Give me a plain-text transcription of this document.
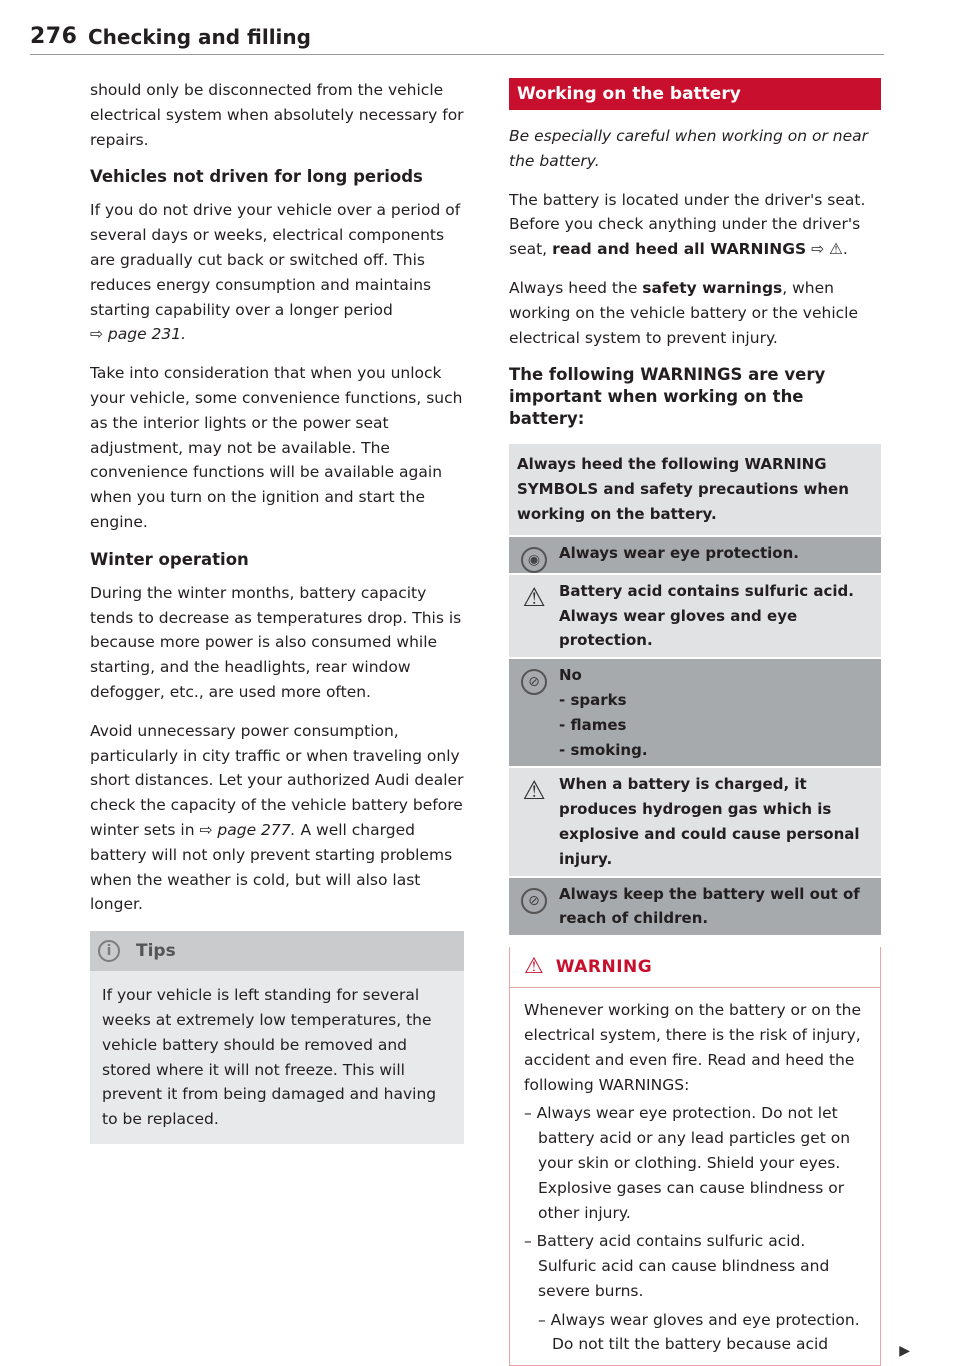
276 Checking and filling

should only be disconnected from the vehicle electrical system when absolutely necessary for repairs.

Vehicles not driven for long periods

If you do not drive your vehicle over a period of several days or weeks, electrical components are gradually cut back or switched off. This reduces energy consumption and maintains starting capability over a longer period
⇨ page 231.

Take into consideration that when you unlock your vehicle, some convenience functions, such as the interior lights or the power seat adjustment, may not be available. The convenience functions will be available again when you turn on the ignition and start the engine.

Winter operation

During the winter months, battery capacity tends to decrease as temperatures drop. This is because more power is also consumed while starting, and the headlights, rear window defogger, etc., are used more often.

Avoid unnecessary power consumption, particularly in city traffic or when traveling only short distances. Let your authorized Audi dealer check the capacity of the vehicle battery before winter sets in ⇨ page 277. A well charged battery will not only prevent starting problems when the weather is cold, but will also last longer.

i	Tips

If your vehicle is left standing for several weeks at extremely low temperatures, the vehicle battery should be removed and stored where it will not freeze. This will prevent it from being damaged and having to be replaced.

Working on the battery

Be especially careful when working on or near the battery.

The battery is located under the driver's seat. Before you check anything under the driver's seat, read and heed all WARNINGS ⇨ ⚠.

Always heed the safety warnings, when working on the vehicle battery or the vehicle electrical system to prevent injury.

The following WARNINGS are very important when working on the battery:
Always heed the following WARNING SYMBOLS and safety precautions when working on the battery.
◉	Always wear eye protection.
⚠ Battery acid contains sulfuric acid. Always wear gloves and eye protection.
⊘	No
- sparks
- flames
- smoking.
⚠ When a battery is charged, it produces hydrogen gas which is explosive and could cause personal injury.
⊘	Always keep the battery well out of reach of children.
⚠ WARNING

Whenever working on the battery or on the electrical system, there is the risk of injury, accident and even fire. Read and heed the following WARNINGS:

– Always wear eye protection. Do not let battery acid or any lead particles get on your skin or clothing. Shield your eyes. Explosive gases can cause blindness or other injury.
– Battery acid contains sulfuric acid. Sulfuric acid can cause blindness and severe burns.
– Always wear gloves and eye protection. Do not tilt the battery because acid	▶
